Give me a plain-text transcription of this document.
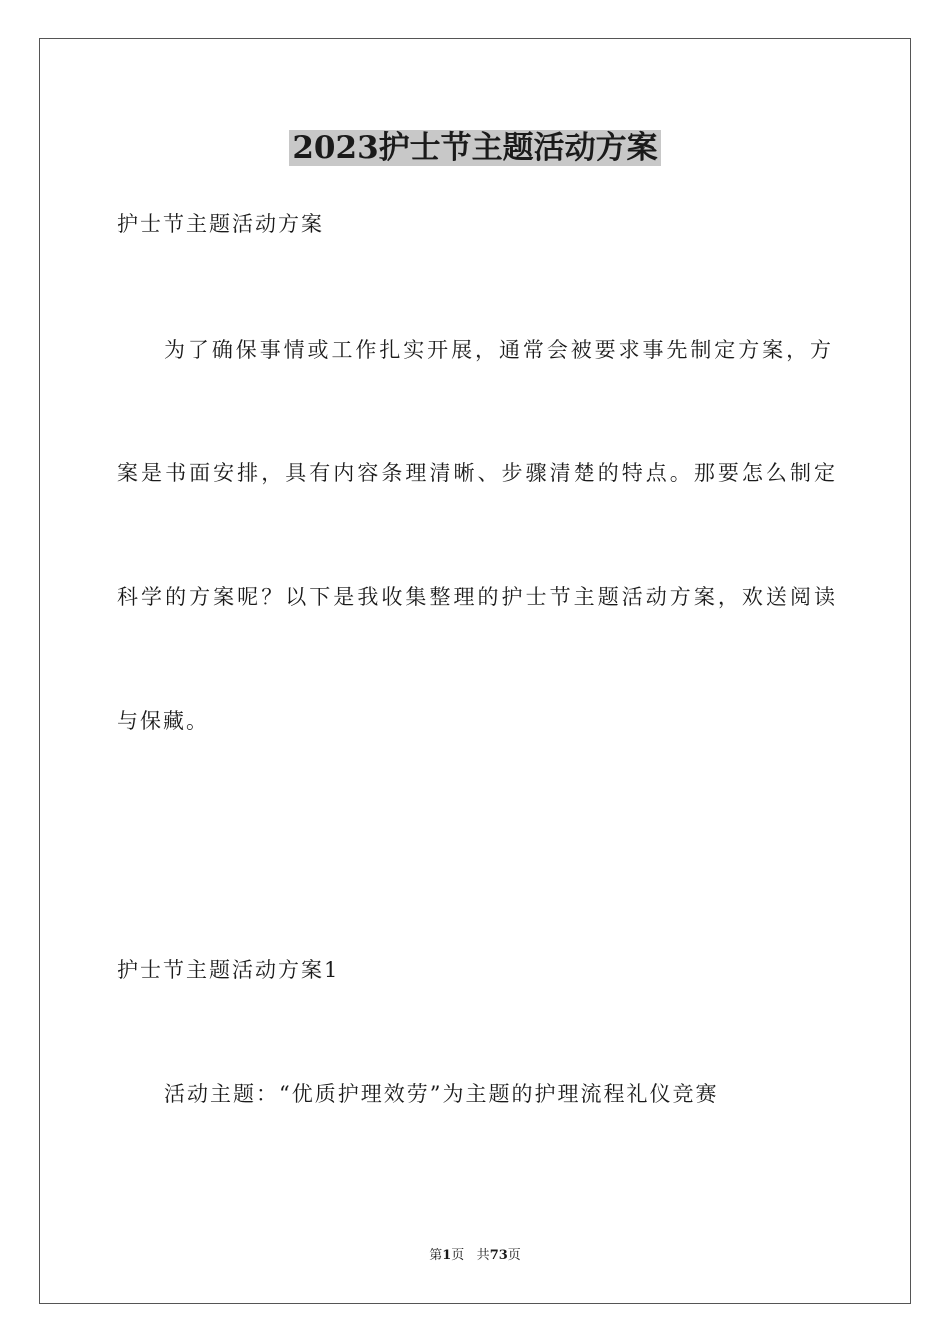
2023护士节主题活动方案
护士节主题活动方案
为了确保事情或工作扎实开展，通常会被要求事先制定方案，方
案是书面安排，具有内容条理清晰、步骤清楚的特点。那要怎么制定
科学的方案呢？以下是我收集整理的护士节主题活动方案，欢送阅读
与保藏。
护士节主题活动方案1
活动主题：“优质护理效劳”为主题的护理流程礼仪竞赛
第1页 共73页
